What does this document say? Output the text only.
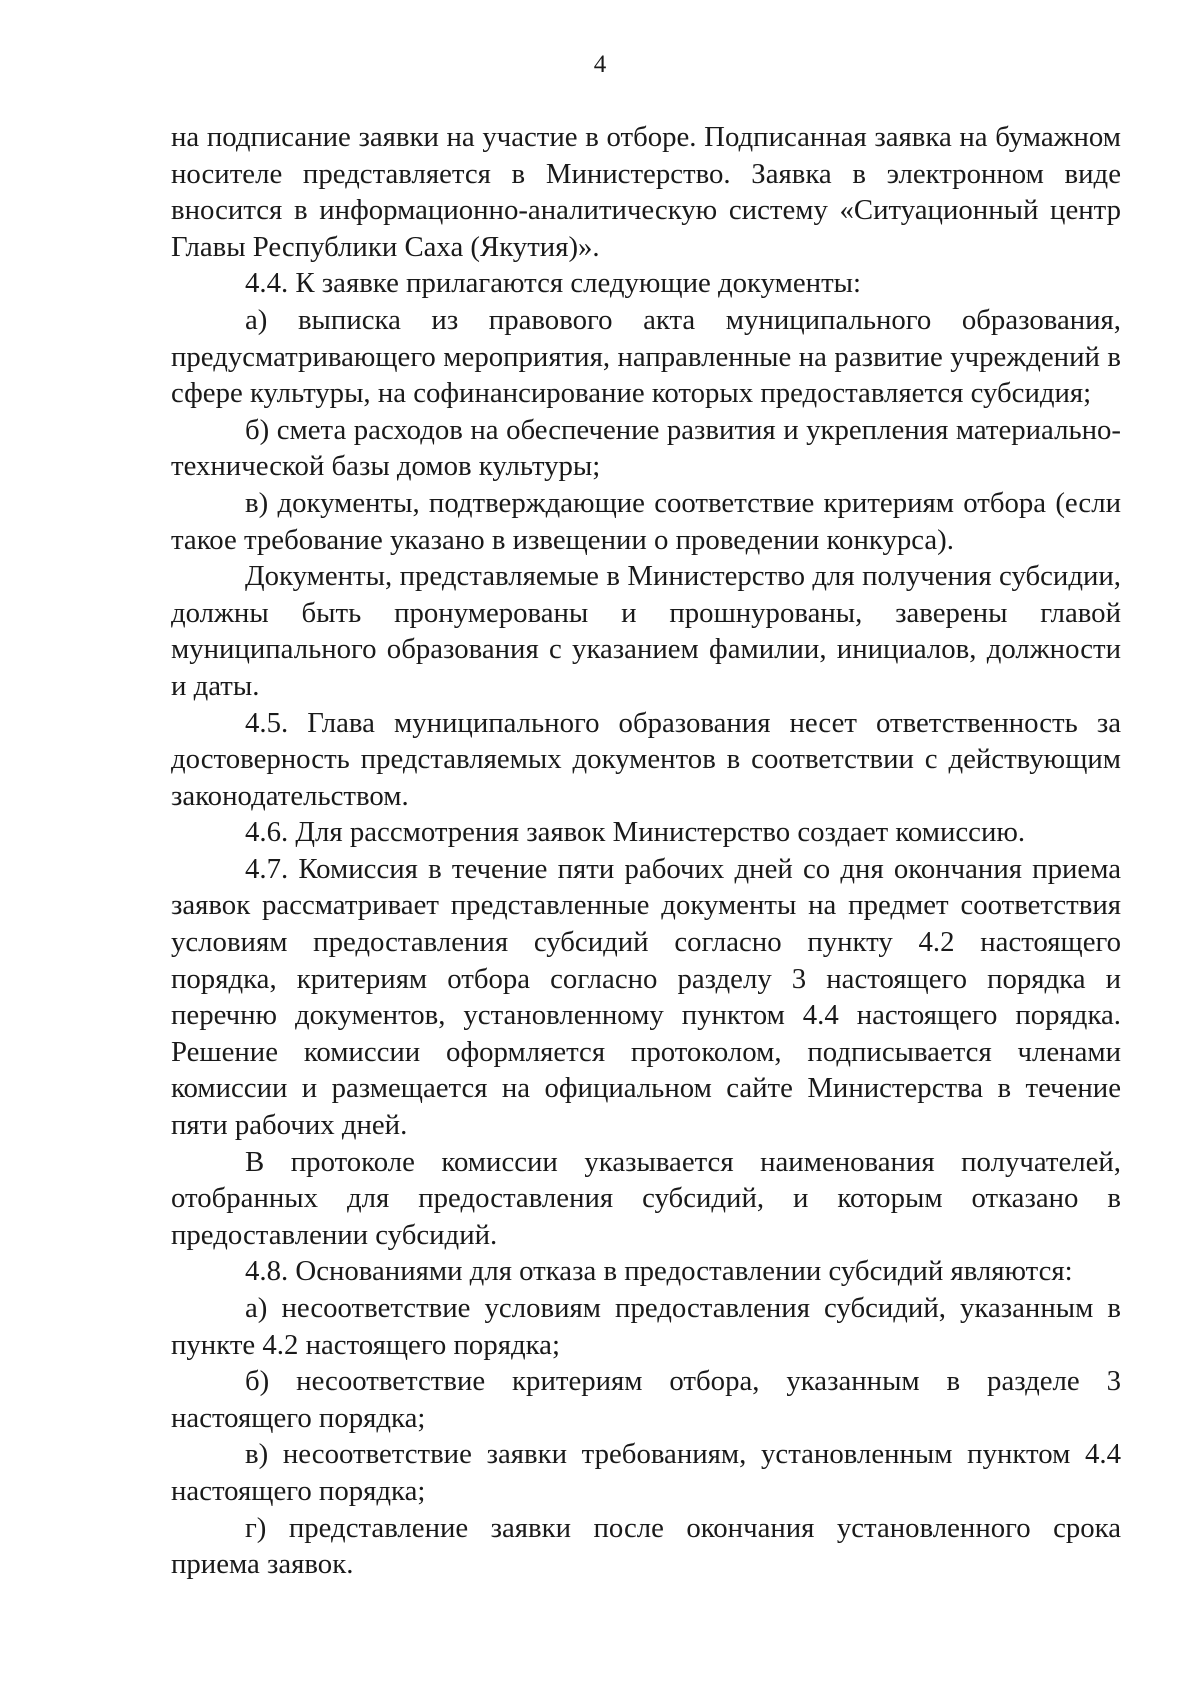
4

на подписание заявки на участие в отборе. Подписанная заявка на бумажном носителе представляется в Министерство. Заявка в электронном виде вносится в информационно-аналитическую систему «Ситуационный центр Главы Республики Саха (Якутия)».

4.4. К заявке прилагаются следующие документы:

а) выписка из правового акта муниципального образования, предусматривающего мероприятия, направленные на развитие учреждений в сфере культуры, на софинансирование которых предоставляется субсидия;

б) смета расходов на обеспечение развития и укрепления материально-технической базы домов культуры;

в) документы, подтверждающие соответствие критериям отбора (если такое требование указано в извещении о проведении конкурса).

Документы, представляемые в Министерство для получения субсидии, должны быть пронумерованы и прошнурованы, заверены главой муниципального образования с указанием фамилии, инициалов, должности и даты.

4.5. Глава муниципального образования несет ответственность за достоверность представляемых документов в соответствии с действующим законодательством.

4.6. Для рассмотрения заявок Министерство создает комиссию.

4.7. Комиссия в течение пяти рабочих дней со дня окончания приема заявок рассматривает представленные документы на предмет соответствия условиям предоставления субсидий согласно пункту 4.2 настоящего порядка, критериям отбора согласно разделу 3 настоящего порядка и перечню документов, установленному пунктом 4.4 настоящего порядка. Решение комиссии оформляется протоколом, подписывается членами комиссии и размещается на официальном сайте Министерства в течение пяти рабочих дней.

В протоколе комиссии указывается наименования получателей, отобранных для предоставления субсидий, и которым отказано в предоставлении субсидий.

4.8. Основаниями для отказа в предоставлении субсидий являются:

а) несоответствие условиям предоставления субсидий, указанным в пункте 4.2 настоящего порядка;

б) несоответствие критериям отбора, указанным в разделе 3 настоящего порядка;

в) несоответствие заявки требованиям, установленным пунктом 4.4 настоящего порядка;

г) представление заявки после окончания установленного срока приема заявок.
